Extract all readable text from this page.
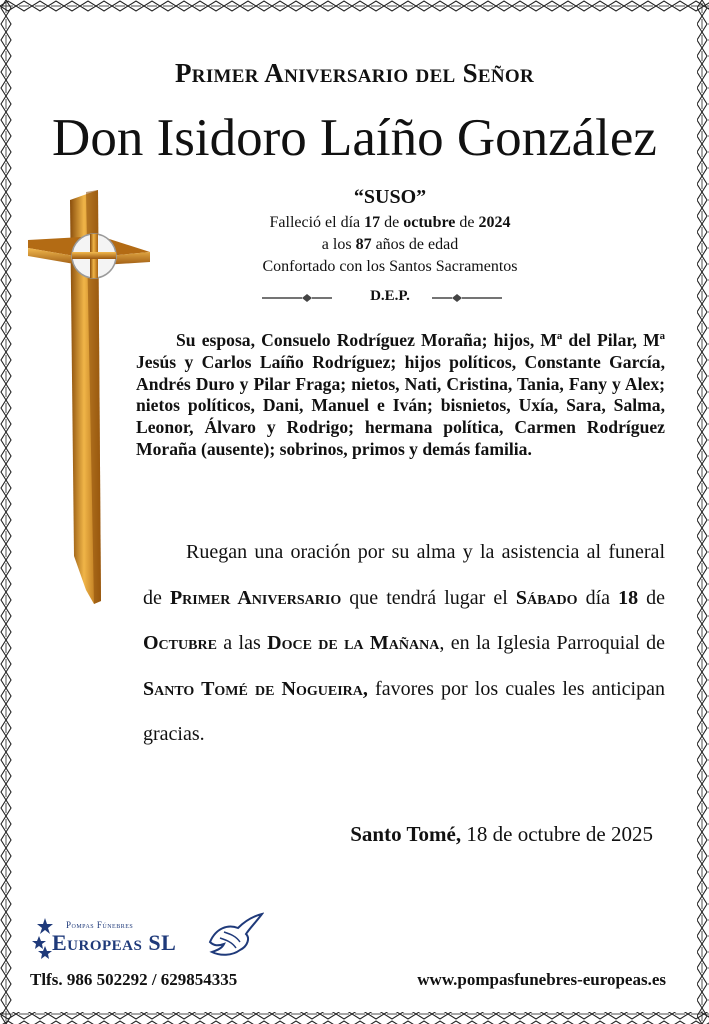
Primer Aniversario del Señor
Don Isidoro Laíño González
“SUSO”
Falleció el día 17 de octubre de 2024
a los 87 años de edad
Confortado con los Santos Sacramentos
D.E.P.
Su esposa, Consuelo Rodríguez Moraña; hijos, Mª del Pilar, Mª Jesús y Carlos Laíño Rodríguez; hijos políticos, Constante García, Andrés Duro y Pilar Fraga; nietos, Nati, Cristina, Tania, Fany y Alex; nietos políticos, Dani, Manuel e Iván; bisnietos, Uxía, Sara, Salma, Leonor, Álvaro y Rodrigo; hermana política, Carmen Rodríguez Moraña (ausente); sobrinos, primos y demás familia.
Ruegan una oración por su alma y la asistencia al funeral de Primer Aniversario que tendrá lugar el Sábado día 18 de Octubre a las Doce de la Mañana, en la Iglesia Parroquial de Santo Tomé de Nogueira, favores por los cuales les anticipan gracias.
Santo Tomé, 18 de octubre de 2025
Pompas Fúnebres
Europeas SL
Tlfs. 986 502292 / 629854335	www.pompasfunebres-europeas.es
